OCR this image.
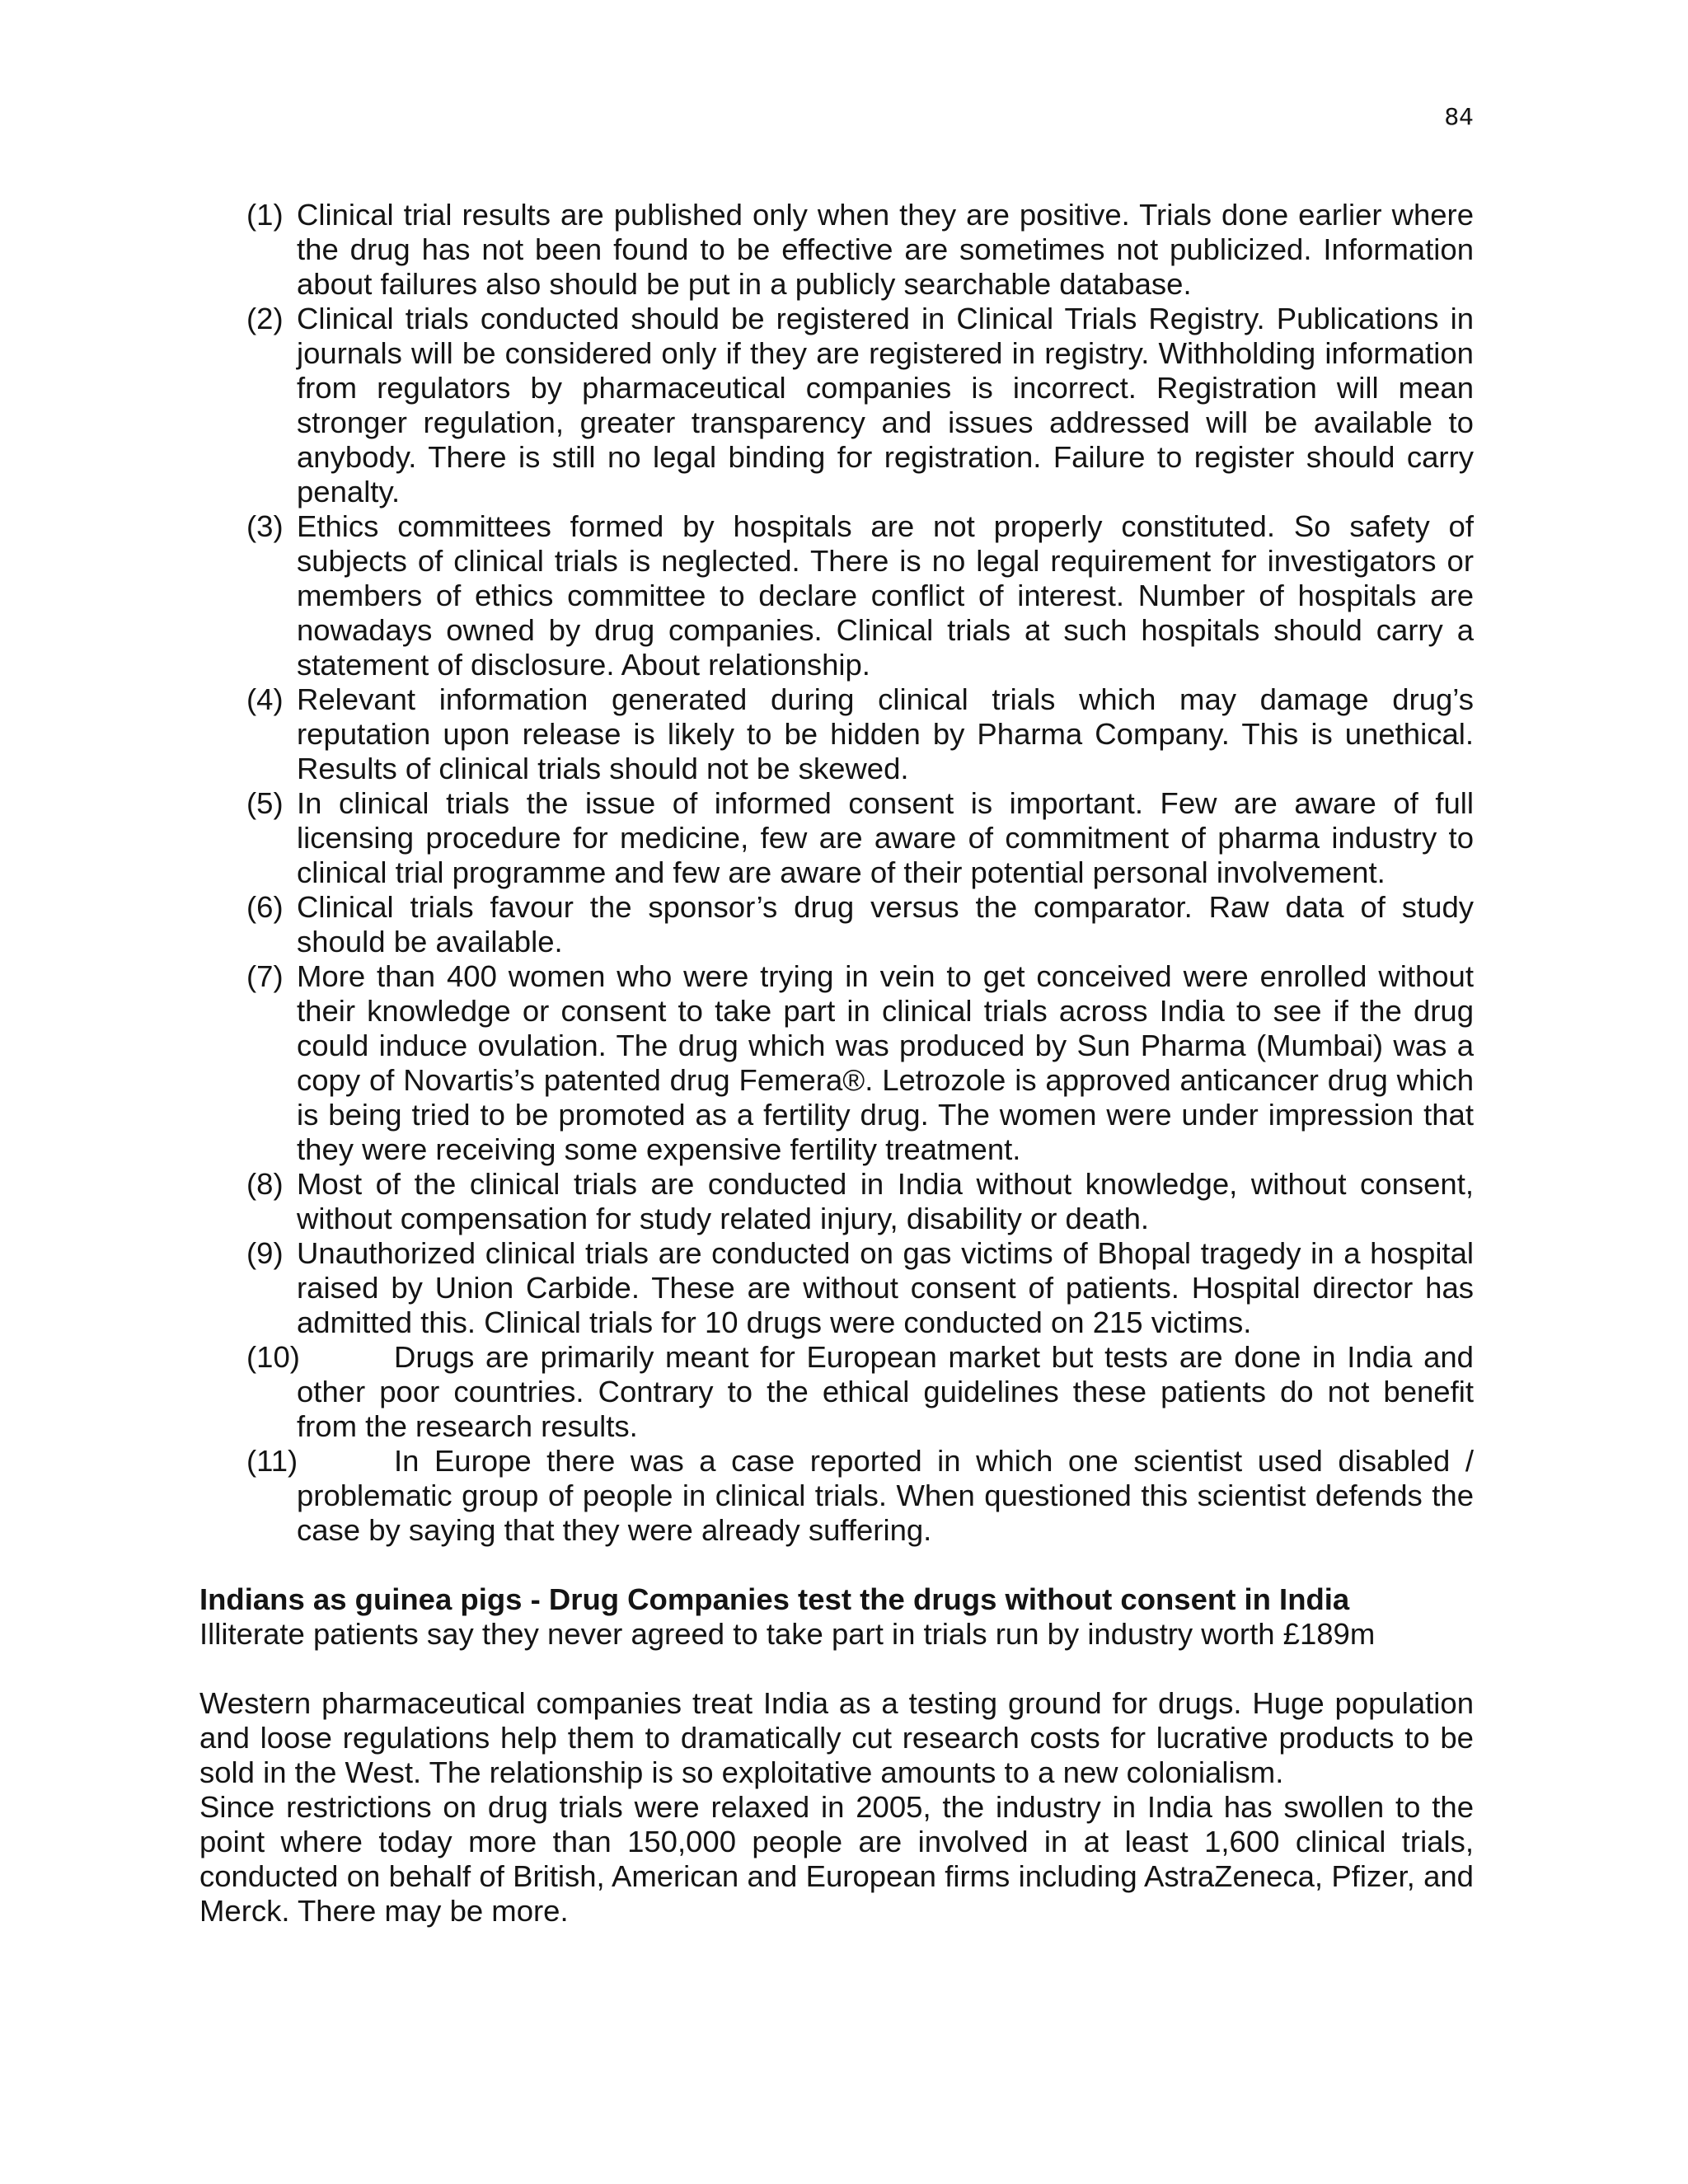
84
(1) Clinical trial results are published only when they are positive. Trials done earlier where the drug has not been found to be effective are sometimes not publicized. Information about failures also should be put in a publicly searchable database.
(2) Clinical trials conducted should be registered in Clinical Trials Registry. Publications in journals will be considered only if they are registered in registry. Withholding information from regulators by pharmaceutical companies is incorrect. Registration will mean stronger regulation, greater transparency and issues addressed will be available to anybody. There is still no legal binding for registration. Failure to register should carry penalty.
(3) Ethics committees formed by hospitals are not properly constituted. So safety of subjects of clinical trials is neglected. There is no legal requirement for investigators or members of ethics committee to declare conflict of interest. Number of hospitals are nowadays owned by drug companies. Clinical trials at such hospitals should carry a statement of disclosure. About relationship.
(4) Relevant information generated during clinical trials which may damage drug’s reputation upon release is likely to be hidden by Pharma Company. This is unethical. Results of clinical trials should not be skewed.
(5) In clinical trials the issue of informed consent is important. Few are aware of full licensing procedure for medicine, few are aware of commitment of pharma industry to clinical trial programme and few are aware of their potential personal involvement.
(6) Clinical trials favour the sponsor’s drug versus the comparator. Raw data of study should be available.
(7) More than 400 women who were trying in vein to get conceived were enrolled without their knowledge or consent to take part in clinical trials across India to see if the drug could induce ovulation. The drug which was produced by Sun Pharma (Mumbai) was a copy of Novartis’s patented drug Femera®. Letrozole is approved anticancer drug which is being tried to be promoted as a fertility drug. The women were under impression that they were receiving some expensive fertility treatment.
(8) Most of the clinical trials are conducted in India without knowledge, without consent, without compensation for study related injury, disability or death.
(9) Unauthorized clinical trials are conducted on gas victims of Bhopal tragedy in a hospital raised by Union Carbide. These are without consent of patients. Hospital director has admitted this. Clinical trials for 10 drugs were conducted on 215 victims.
(10)	Drugs are primarily meant for European market but tests are done in India and other poor countries. Contrary to the ethical guidelines these patients do not benefit from the research results.
(11)	In Europe there was a case reported in which one scientist used disabled / problematic group of people in clinical trials. When questioned this scientist defends the case by saying that they were already suffering.
Indians as guinea pigs - Drug Companies test the drugs without consent in India

Illiterate patients say they never agreed to take part in trials run by industry worth £189m

Western pharmaceutical companies treat India as a testing ground for drugs. Huge population and loose regulations help them to dramatically cut research costs for lucrative products to be sold in the West. The relationship is so exploitative amounts to a new colonialism.

Since restrictions on drug trials were relaxed in 2005, the industry in India has swollen to the point where today more than 150,000 people are involved in at least 1,600 clinical trials, conducted on behalf of British, American and European firms including AstraZeneca, Pfizer, and Merck. There may be more.
